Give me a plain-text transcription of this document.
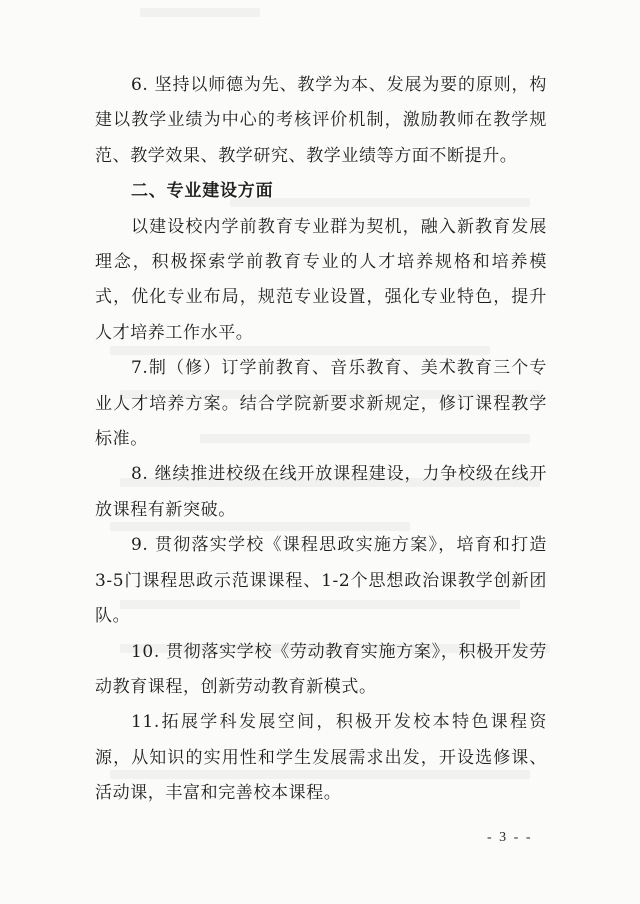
6. 坚持以师德为先、教学为本、发展为要的原则，构建以教学业绩为中心的考核评价机制，激励教师在教学规范、教学效果、教学研究、教学业绩等方面不断提升。

二、专业建设方面

以建设校内学前教育专业群为契机，融入新教育发展理念，积极探索学前教育专业的人才培养规格和培养模式，优化专业布局，规范专业设置，强化专业特色，提升人才培养工作水平。

7.制（修）订学前教育、音乐教育、美术教育三个专业人才培养方案。结合学院新要求新规定，修订课程教学标准。

8. 继续推进校级在线开放课程建设，力争校级在线开放课程有新突破。

9. 贯彻落实学校《课程思政实施方案》，培育和打造3-5门课程思政示范课课程、1-2个思想政治课教学创新团队。

10. 贯彻落实学校《劳动教育实施方案》，积极开发劳动教育课程，创新劳动教育新模式。

11.拓展学科发展空间，积极开发校本特色课程资源，从知识的实用性和学生发展需求出发，开设选修课、活动课，丰富和完善校本课程。

- 3 - -
